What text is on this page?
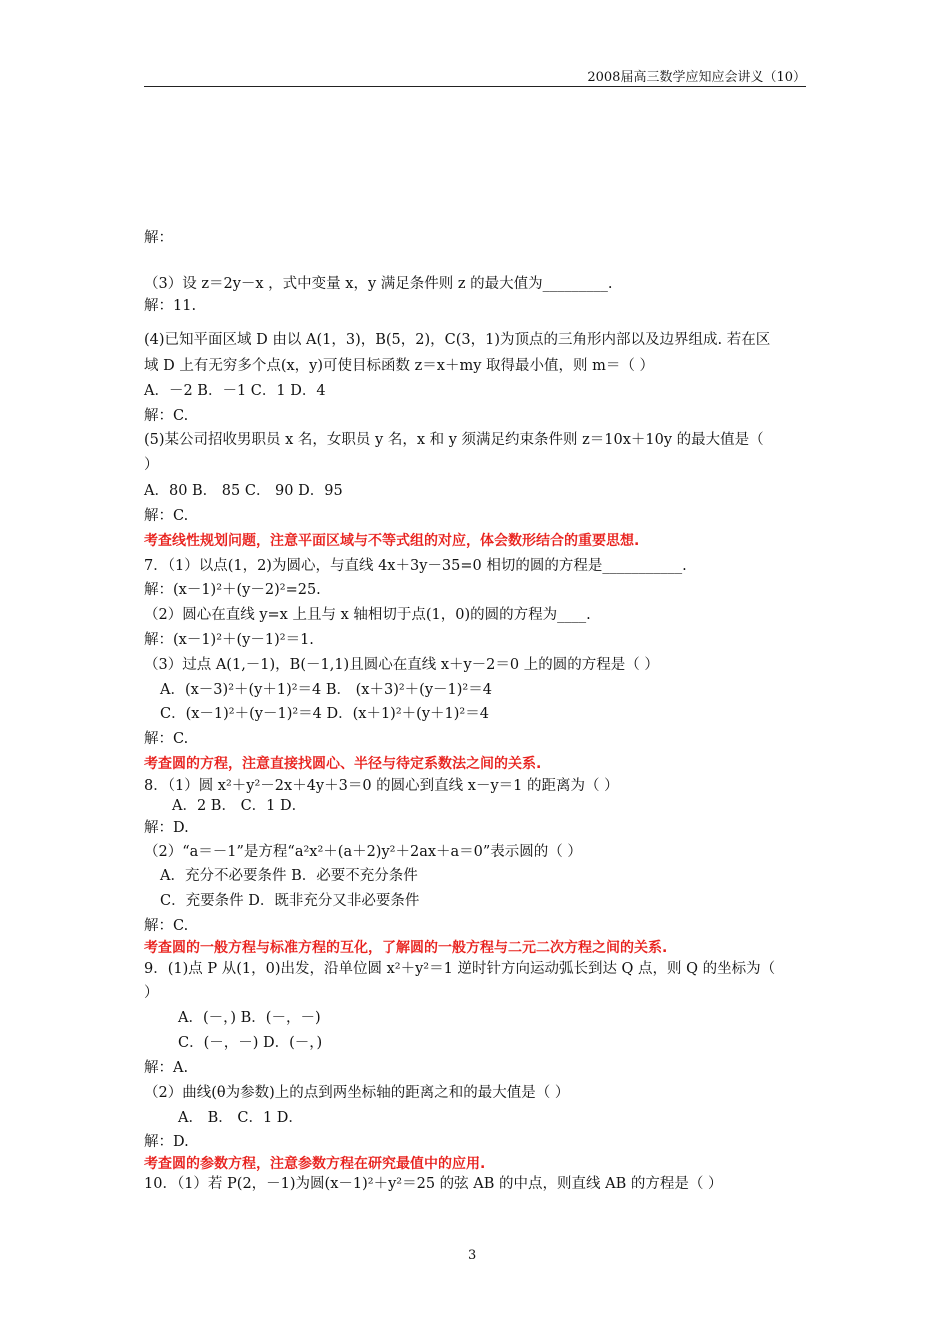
2008届高三数学应知应会讲义（10）
解：
（3）设 z＝2y－x ，式中变量 x，y 满足条件则 z 的最大值为_________.
解：11.
(4)已知平面区域 D 由以 A(1，3)，B(5，2)，C(3，1)为顶点的三角形内部以及边界组成. 若在区
域 D 上有无穷多个点(x，y)可使目标函数 z＝x＋my 取得最小值，则 m＝（ ）
A．－2 B．－1 C．1 D．4
解：C.
(5)某公司招收男职员 x 名，女职员 y 名，x 和 y 须满足约束条件则 z＝10x＋10y 的最大值是（
）
A．80 B． 85 C． 90 D．95
解：C.
考查线性规划问题，注意平面区域与不等式组的对应，体会数形结合的重要思想.
7．（1）以点(1，2)为圆心，与直线 4x＋3y－35=0 相切的圆的方程是___________.
解：(x－1)²＋(y－2)²=25.
（2）圆心在直线 y=x 上且与 x 轴相切于点(1，0)的圆的方程为____.
解：(x－1)²＋(y－1)²＝1.
（3）过点 A(1,－1)，B(－1,1)且圆心在直线 x＋y－2＝0 上的圆的方程是（ ）
A．(x－3)²＋(y＋1)²＝4 B． (x＋3)²＋(y－1)²＝4
C．(x－1)²＋(y－1)²＝4 D．(x＋1)²＋(y＋1)²＝4
解：C.
考查圆的方程，注意直接找圆心、半径与待定系数法之间的关系.
8．（1）圆 x²＋y²－2x＋4y＋3＝0 的圆心到直线 x－y＝1 的距离为（ ）
A．2 B． C．1 D．
解：D.
（2）“a＝－1”是方程“a²x²＋(a＋2)y²＋2ax＋a＝0”表示圆的（ ）
A．充分不必要条件 B．必要不充分条件
C．充要条件 D．既非充分又非必要条件
解：C.
考查圆的一般方程与标准方程的互化，了解圆的一般方程与二元二次方程之间的关系.
9．(1)点 P 从(1，0)出发，沿单位圆 x²＋y²＝1 逆时针方向运动弧长到达 Q 点，则 Q 的坐标为（
）
A．(－，) B．(－，－)
C．(－，－) D．(－，)
解：A.
（2）曲线(θ为参数)上的点到两坐标轴的距离之和的最大值是（ ）
A． B． C．1 D．
解：D.
考查圆的参数方程，注意参数方程在研究最值中的应用.
10．（1）若 P(2，－1)为圆(x－1)²＋y²＝25 的弦 AB 的中点，则直线 AB 的方程是（ ）
3
